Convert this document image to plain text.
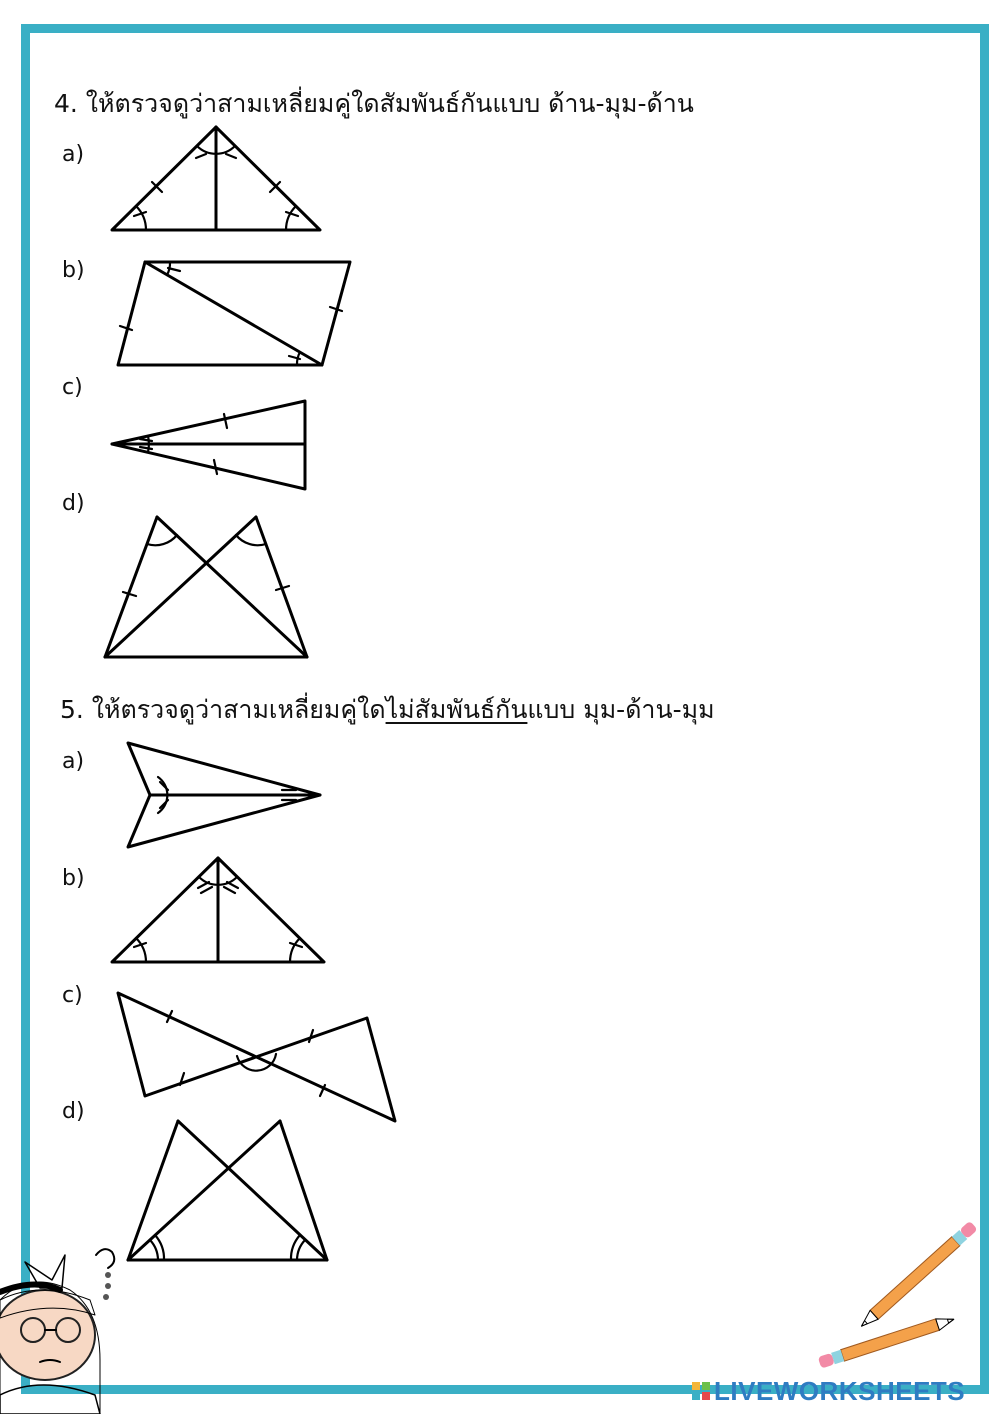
4. ให้ตรวจดูว่าสามเหลี่ยมคู่ใดสัมพันธ์กันแบบ ด้าน-มุม-ด้าน
a)
b)
c)
d)
5. ให้ตรวจดูว่าสามเหลี่ยมคู่ใดไม่สัมพันธ์กันแบบ มุม-ด้าน-มุม
a)
b)
c)
d)
LIVEWORKSHEETS
